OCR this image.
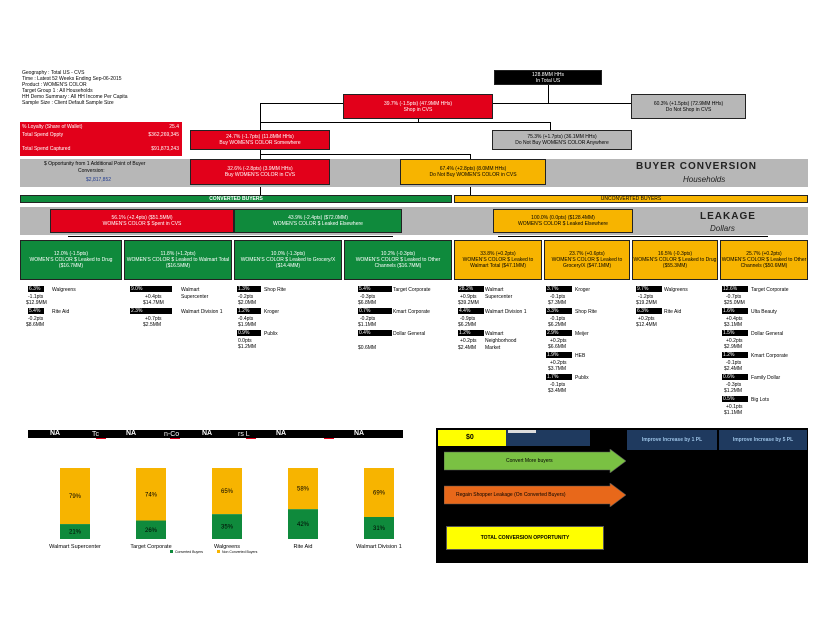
Geography : Total US - CVS
Time : Latest 52 Weeks Ending Sep-06-2015
Product : WOMEN'S COLOR
Target Group 1 : All Households
HH Demo Summary : All HH Income Per Capita
Sample Size : Client Default Sample Size
% Loyalty (Share of Wallet)	25.4
Total Spend Oppty	$362,269,345
Total Spend Captured	$91,873,243
128.8MM HHs
In Total US
39.7% (-1.5pts) (47.9MM HHs)
Shop in CVS
60.3% (+1.5pts) (72.9MM HHs)
Do Not Shop in CVS
24.7% (-1.7pts) (11.8MM HHs)
Buy WOMEN'S COLOR Somewhere
75.3% (+1.7pts) (36.1MM HHs)
Do Not Buy WOMEN'S COLOR Anywhere
$ Opportunity from 1 Additional Point of Buyer
Conversion:
$2,817,852
32.6% (-2.8pts) (3.9MM HHs)
Buy WOMEN'S COLOR in CVS
67.4% (+2.8pts) (8.0MM HHs)
Do Not Buy WOMEN'S COLOR in CVS
BUYER CONVERSION
Households
CONVERTED BUYERS	UNCONVERTED BUYERS
56.1% (+2.4pts) ($51.5MM)
WOMEN'S COLOR $ Spent in CVS
43.9% (-2.4pts) ($72.0MM)
WOMEN'S COLOR $ Leaked Elsewhere
100.0% (0.0pts) ($128.4MM)
WOMEN'S COLOR $ Leaked Elsewhere
LEAKAGE
Dollars
12.0% (-1.5pts)
WOMEN'S COLOR $ Leaked to Drug
($16.7MM)
11.8% (+1.2pts)
WOMEN'S COLOR $ Leaked to Walmart Total
($16.5MM)
10.0% (-1.3pts)
WOMEN'S COLOR $ Leaked to Grocery/X ($14.4MM)
10.2% (-0.3pts)
WOMEN'S COLOR $ Leaked to Other Channels ($16.7MM)
33.8% (+0.2pts)
WOMEN'S COLOR $ Leaked to Walmart Total ($47.1MM)
23.7% (+0.6pts)
WOMEN'S COLOR $ Leaked to Grocery/X ($47.1MM)
16.5% (-0.3pts)
WOMEN'S COLOR $ Leaked to Drug ($55.3MM)
25.7% (+0.2pts)
WOMEN'S COLOR $ Leaked to Other Channels ($50.6MM)
6.3%	Walgreens
-1.1pts
$12.9MM
5.4%	Rite Aid
-0.2pts
$8.6MM
9.0%	Walmart
Supercenter
+0.4pts
$14.7MM
2.3%	Walmart Division 1
+0.7pts
$2.5MM
1.3%	Shop Rite
-0.2pts
$2.0MM
1.2%	Kroger
-0.4pts
$1.9MM
0.9%	Publix
0.0pts
$1.2MM
5.4%	Target Corporate
-0.3pts
$6.8MM
0.7%	Kmart Corporate
-0.2pts
$1.1MM
0.4%	Dollar General
$0.6MM
28.2%	Walmart
Supercenter
+0.9pts
$39.2MM
4.4%	Walmart Division 1
-0.9pts
$6.2MM
1.2%	Walmart
Neighborhood
Market
+0.2pts
$2.4MM
3.7%	Kroger
-0.1pts
$7.3MM
3.3%	Shop Rite
-0.1pts
$6.2MM
2.9%	Meijer
+0.2pts
$6.6MM
1.9%	HEB
+0.2pts
$3.7MM
1.7%	Publix
-0.1pts
$3.4MM
9.7%	Walgreens
-1.2pts
$19.2MM
6.3%	Rite Aid
+0.2pts
$12.4MM
12.6%	Target Corporate
-0.7pts
$25.0MM
1.6%	Ulta Beauty
+0.4pts
$3.1MM
1.5%	Dollar General
+0.2pts
$2.9MM
1.2%	Kmart Corporate
-0.1pts
$2.4MM
0.6%	Family Dollar
-0.3pts
$1.2MM
0.5%	Big Lots
+0.1pts
$1.1MM
NA	Tc	NA	n-Co	NA	rs L	NA	NA
79%
21%
Walmart Supercenter
74%
26%
Target Corporate
65%
35%
Walgreens
58%
42%
Rite Aid
69%
31%
Walmart Division 1
Converted Buyers	Non Converted Buyers
$0	Improve Increase by 1 PL	Improve Increase by 5 PL
Convert More buyers
Regain Shopper Leakage (On Converted Buyers)
TOTAL CONVERSION OPPORTUNITY
